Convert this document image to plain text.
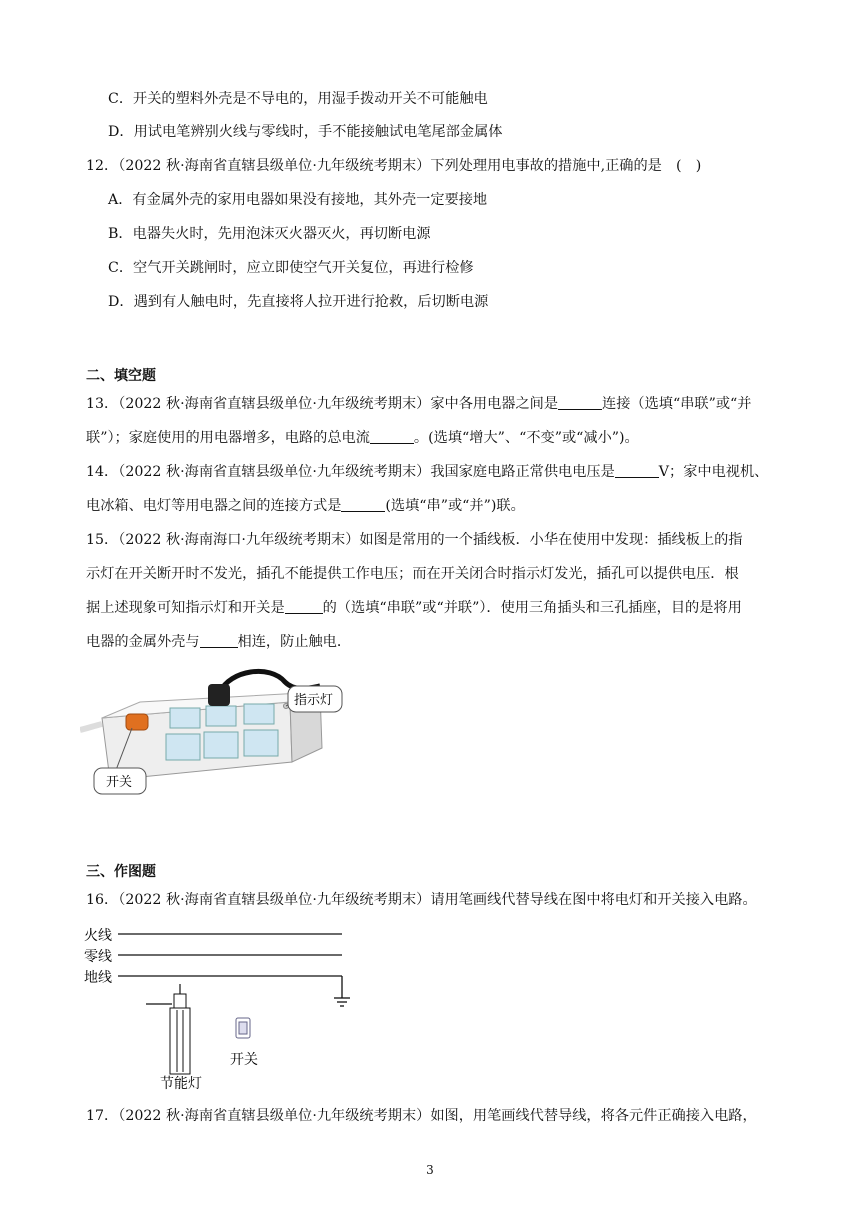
C．开关的塑料外壳是不导电的，用湿手拨动开关不可能触电
D．用试电笔辨别火线与零线时，手不能接触试电笔尾部金属体
12．（2022 秋·海南省直辖县级单位·九年级统考期末）下列处理用电事故的措施中,正确的是　(　)
A．有金属外壳的家用电器如果没有接地，其外壳一定要接地
B．电器失火时，先用泡沫灭火器灭火，再切断电源
C．空气开关跳闸时，应立即使空气开关复位，再进行检修
D．遇到有人触电时，先直接将人拉开进行抢救，后切断电源
二、填空题
13．（2022 秋·海南省直辖县级单位·九年级统考期末）家中各用电器之间是	连接（选填“串联”或“并
联”）；家庭使用的用电器增多，电路的总电流	。(选填“增大”、“不变”或“减小”)。
14．（2022 秋·海南省直辖县级单位·九年级统考期末）我国家庭电路正常供电电压是	V；家中电视机、
电冰箱、电灯等用电器之间的连接方式是	(选填“串”或“并”)联。
15．（2022 秋·海南海口·九年级统考期末）如图是常用的一个插线板．小华在使用中发现：插线板上的指
示灯在开关断开时不发光，插孔不能提供工作电压；而在开关闭合时指示灯发光，插孔可以提供电压．根
据上述现象可知指示灯和开关是	的（选填“串联”或“并联”）．使用三角插头和三孔插座，目的是将用
电器的金属外壳与	相连，防止触电．
指示灯
开关
三、作图题
16．（2022 秋·海南省直辖县级单位·九年级统考期末）请用笔画线代替导线在图中将电灯和开关接入电路。
火线
零线
地线
节能灯
开关
17．（2022 秋·海南省直辖县级单位·九年级统考期末）如图，用笔画线代替导线，将各元件正确接入电路，
3
